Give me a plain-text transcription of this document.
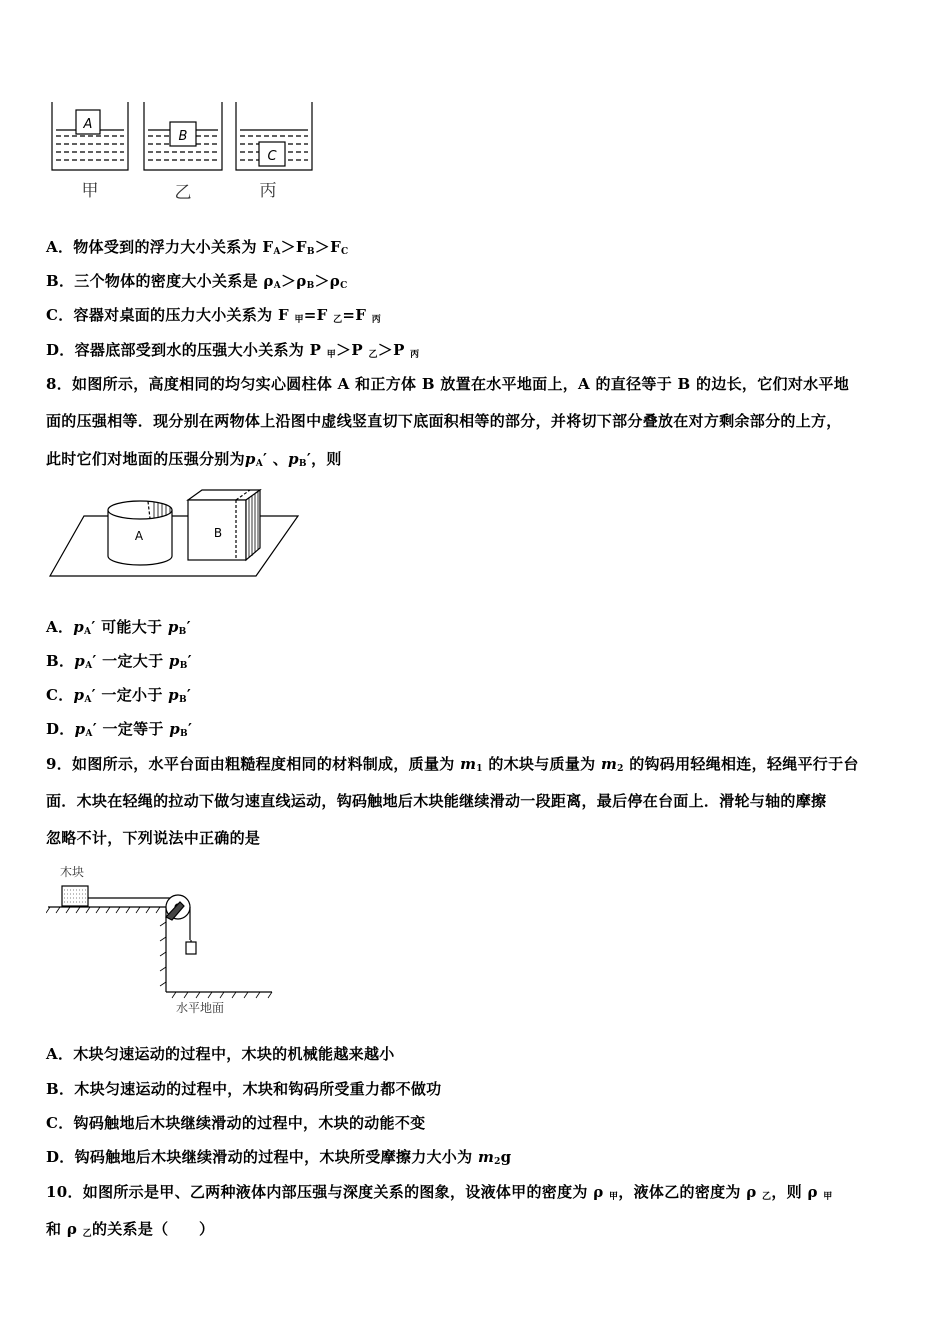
A
B
C
甲	乙	丙
A．物体受到的浮力大小关系为 $F_A>F_B>F_C$
B．三个物体的密度大小关系是 $\rho_A>\rho_B>\rho_C$
C．容器对桌面的压力大小关系为 F $_甲$=F $_乙$=F $_丙$
D．容器底部受到水的压强大小关系为 P $_甲$＞P $_乙$＞P $_丙$
8．如图所示，高度相同的均匀实心圆柱体 A 和正方体 B 放置在水平地面上，A 的直径等于 B 的边长，它们对水平地
面的压强相等．现分别在两物体上沿图中虚线竖直切下底面积相等的部分，并将切下部分叠放在对方剩余部分的上方，
此时它们对地面的压强分别为$p_A'$ 、$p_B'$，则
A	B
A．$p_A'$ 可能大于 $p_B'$
B．$p_A'$ 一定大于 $p_B'$
C．$p_A'$ 一定小于 $p_B'$
D．$p_A'$ 一定等于 $p_B'$
9．如图所示，水平台面由粗糙程度相同的材料制成，质量为 $m_1$ 的木块与质量为 $m_2$ 的钩码用轻绳相连，轻绳平行于台
面．木块在轻绳的拉动下做匀速直线运动，钩码触地后木块能继续滑动一段距离，最后停在台面上．滑轮与轴的摩擦
忽略不计，下列说法中正确的是
木块
水平地面
A．木块匀速运动的过程中，木块的机械能越来越小
B．木块匀速运动的过程中，木块和钩码所受重力都不做功
C．钩码触地后木块继续滑动的过程中，木块的动能不变
D．钩码触地后木块继续滑动的过程中，木块所受摩擦力大小为 $m_2g$
10．如图所示是甲、乙两种液体内部压强与深度关系的图象，设液体甲的密度为 ρ $_甲$，液体乙的密度为 ρ $_乙$，则 ρ $_甲$
和 ρ $_乙$的关系是（　　）
